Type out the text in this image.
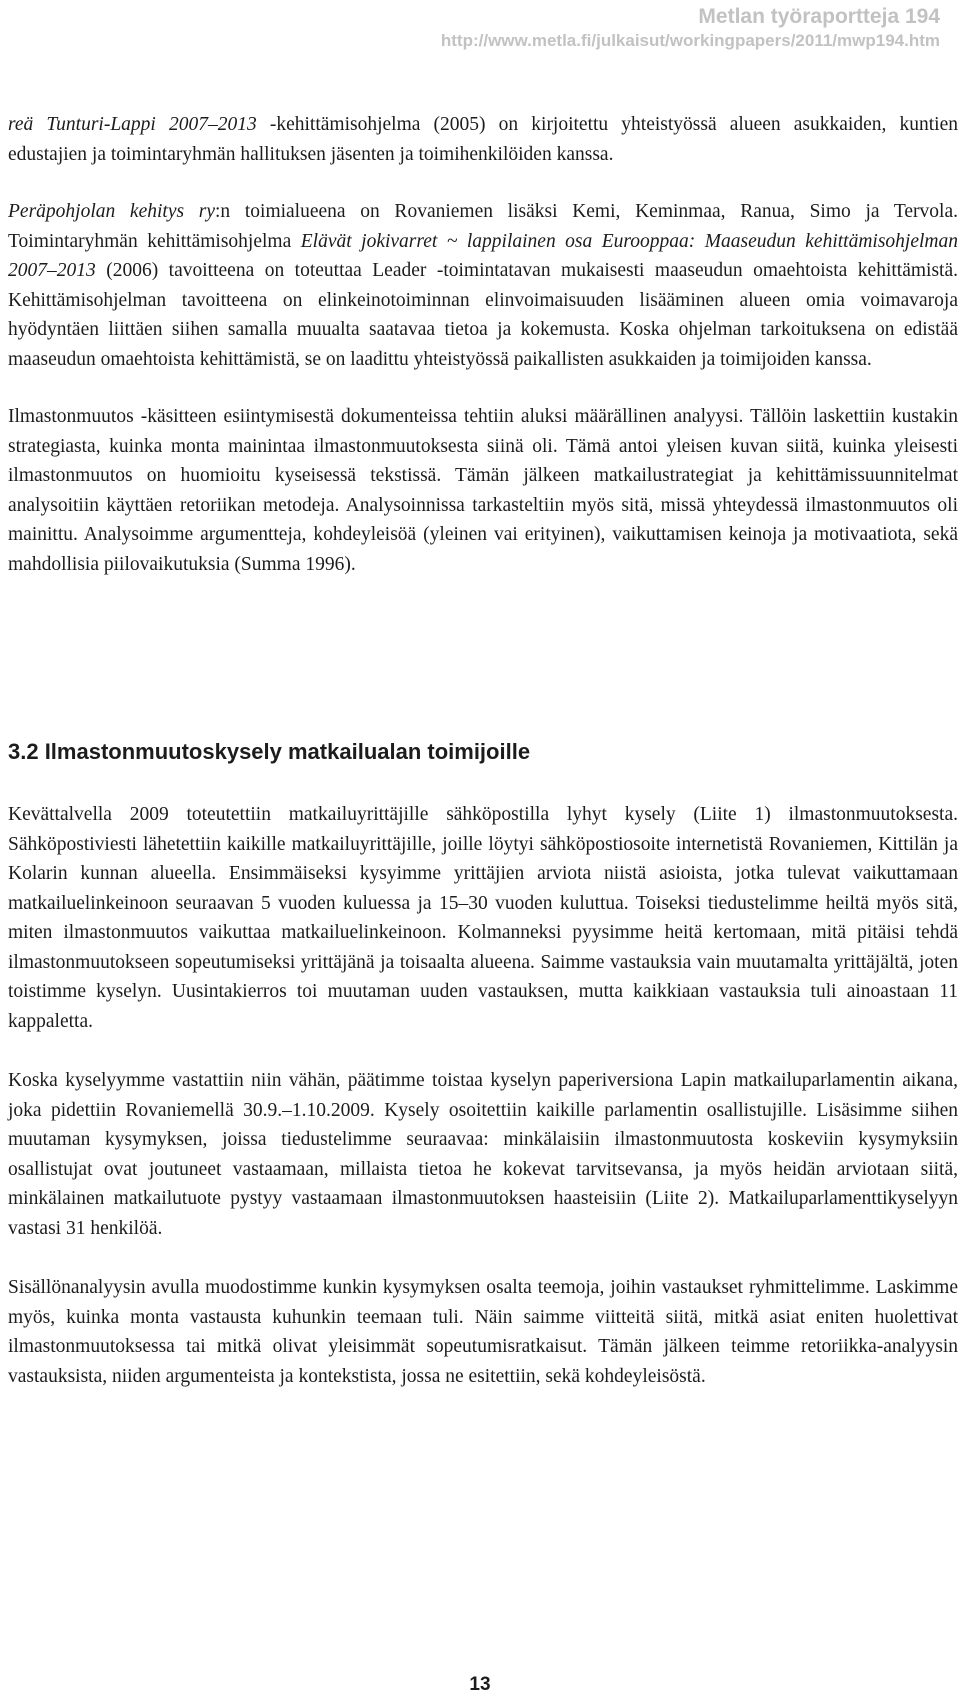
Metlan työraportteja 194
http://www.metla.fi/julkaisut/workingpapers/2011/mwp194.htm

reä Tunturi-Lappi 2007–2013 -kehittämisohjelma (2005) on kirjoitettu yhteistyössä alueen asukkaiden, kuntien edustajien ja toimintaryhmän hallituksen jäsenten ja toimihenkilöiden kanssa.

Peräpohjolan kehitys ry:n toimialueena on Rovaniemen lisäksi Kemi, Keminmaa, Ranua, Simo ja Tervola. Toimintaryhmän kehittämisohjelma Elävät jokivarret ~ lappilainen osa Eurooppaa: Maaseudun kehittämisohjelman 2007–2013 (2006) tavoitteena on toteuttaa Leader -toimintatavan mukaisesti maaseudun omaehtoista kehittämistä. Kehittämisohjelman tavoitteena on elinkeinotoiminnan elinvoimaisuuden lisääminen alueen omia voimavaroja hyödyntäen liittäen siihen samalla muualta saatavaa tietoa ja kokemusta. Koska ohjelman tarkoituksena on edistää maaseudun omaehtoista kehittämistä, se on laadittu yhteistyössä paikallisten asukkaiden ja toimijoiden kanssa.

Ilmastonmuutos -käsitteen esiintymisestä dokumenteissa tehtiin aluksi määrällinen analyysi. Tällöin laskettiin kustakin strategiasta, kuinka monta mainintaa ilmastonmuutoksesta siinä oli. Tämä antoi yleisen kuvan siitä, kuinka yleisesti ilmastonmuutos on huomioitu kyseisessä tekstissä. Tämän jälkeen matkailustrategiat ja kehittämissuunnitelmat analysoitiin käyttäen retoriikan metodeja. Analysoinnissa tarkasteltiin myös sitä, missä yhteydessä ilmastonmuutos oli mainittu. Analysoimme argumentteja, kohdeyleisöä (yleinen vai erityinen), vaikuttamisen keinoja ja motivaatiota, sekä mahdollisia piilovaikutuksia (Summa 1996).

3.2 Ilmastonmuutoskysely matkailualan toimijoille

Kevättalvella 2009 toteutettiin matkailuyrittäjille sähköpostilla lyhyt kysely (Liite 1) ilmastonmuutoksesta. Sähköpostiviesti lähetettiin kaikille matkailuyrittäjille, joille löytyi sähköpostiosoite internetistä Rovaniemen, Kittilän ja Kolarin kunnan alueella. Ensimmäiseksi kysyimme yrittäjien arviota niistä asioista, jotka tulevat vaikuttamaan matkailuelinkeinoon seuraavan 5 vuoden kuluessa ja 15–30 vuoden kuluttua. Toiseksi tiedustelimme heiltä myös sitä, miten ilmastonmuutos vaikuttaa matkailuelinkeinoon. Kolmanneksi pyysimme heitä kertomaan, mitä pitäisi tehdä ilmastonmuutokseen sopeutumiseksi yrittäjänä ja toisaalta alueena. Saimme vastauksia vain muutamalta yrittäjältä, joten toistimme kyselyn. Uusintakierros toi muutaman uuden vastauksen, mutta kaikkiaan vastauksia tuli ainoastaan 11 kappaletta.

Koska kyselyymme vastattiin niin vähän, päätimme toistaa kyselyn paperiversiona Lapin matkailuparlamentin aikana, joka pidettiin Rovaniemellä 30.9.–1.10.2009. Kysely osoitettiin kaikille parlamentin osallistujille. Lisäsimme siihen muutaman kysymyksen, joissa tiedustelimme seuraavaa: minkälaisiin ilmastonmuutosta koskeviin kysymyksiin osallistujat ovat joutuneet vastaamaan, millaista tietoa he kokevat tarvitsevansa, ja myös heidän arviotaan siitä, minkälainen matkailutuote pystyy vastaamaan ilmastonmuutoksen haasteisiin (Liite 2). Matkailuparlamenttikyselyyn vastasi 31 henkilöä.

Sisällönanalyysin avulla muodostimme kunkin kysymyksen osalta teemoja, joihin vastaukset ryhmittelimme. Laskimme myös, kuinka monta vastausta kuhunkin teemaan tuli. Näin saimme viitteitä siitä, mitkä asiat eniten huolettivat ilmastonmuutoksessa tai mitkä olivat yleisimmät sopeutumisratkaisut. Tämän jälkeen teimme retoriikka-analyysin vastauksista, niiden argumenteista ja kontekstista, jossa ne esitettiin, sekä kohdeyleisöstä.

13
